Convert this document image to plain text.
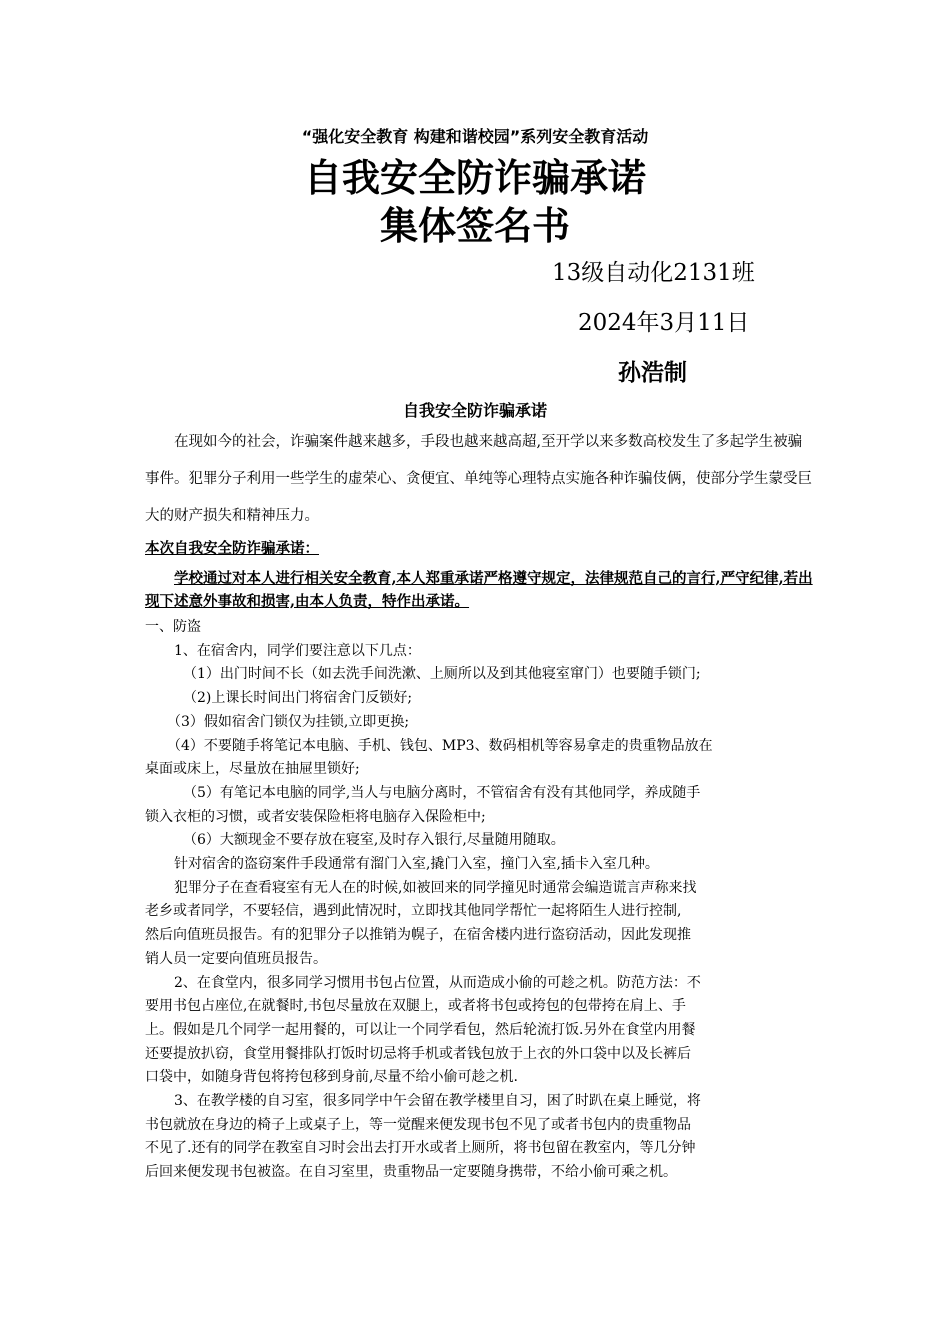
“强化安全教育 构建和谐校园”系列安全教育活动
自我安全防诈骗承诺
集体签名书
13级自动化2131班
2024年3月11日
孙浩制
自我安全防诈骗承诺

在现如今的社会，诈骗案件越来越多，手段也越来越高超,至开学以来多数高校发生了多起学生被骗事件。犯罪分子利用一些学生的虚荣心、贪便宜、单纯等心理特点实施各种诈骗伎俩，使部分学生蒙受巨大的财产损失和精神压力。

本次自我安全防诈骗承诺：

学校通过对本人进行相关安全教育,本人郑重承诺严格遵守规定，法律规范自己的言行,严守纪律,若出现下述意外事故和损害,由本人负责，特作出承诺。

一、防盗

1、在宿舍内，同学们要注意以下几点：

（1）出门时间不长（如去洗手间洗漱、上厕所以及到其他寝室窜门）也要随手锁门;

（2)上课长时间出门将宿舍门反锁好;

（3）假如宿舍门锁仅为挂锁,立即更换;

（4）不要随手将笔记本电脑、手机、钱包、MP3、数码相机等容易拿走的贵重物品放在

桌面或床上，尽量放在抽屉里锁好;

（5）有笔记本电脑的同学,当人与电脑分离时，不管宿舍有没有其他同学，养成随手

锁入衣柜的习惯，或者安装保险柜将电脑存入保险柜中;

（6）大额现金不要存放在寝室,及时存入银行,尽量随用随取。

针对宿舍的盗窃案件手段通常有溜门入室,撬门入室，撞门入室,插卡入室几种。

犯罪分子在查看寝室有无人在的时候,如被回来的同学撞见时通常会编造谎言声称来找

老乡或者同学，不要轻信，遇到此情况时，立即找其他同学帮忙一起将陌生人进行控制,

然后向值班员报告。有的犯罪分子以推销为幌子，在宿舍楼内进行盗窃活动，因此发现推

销人员一定要向值班员报告。

2、在食堂内，很多同学习惯用书包占位置，从而造成小偷的可趁之机。防范方法：不

要用书包占座位,在就餐时,书包尽量放在双腿上，或者将书包或挎包的包带挎在肩上、手

上。假如是几个同学一起用餐的，可以让一个同学看包，然后轮流打饭.另外在食堂内用餐

还要提放扒窃，食堂用餐排队打饭时切忌将手机或者钱包放于上衣的外口袋中以及长裤后

口袋中，如随身背包将挎包移到身前,尽量不给小偷可趁之机.

3、在教学楼的自习室，很多同学中午会留在教学楼里自习，困了时趴在桌上睡觉，将

书包就放在身边的椅子上或桌子上，等一觉醒来便发现书包不见了或者书包内的贵重物品

不见了.还有的同学在教室自习时会出去打开水或者上厕所，将书包留在教室内，等几分钟

后回来便发现书包被盗。在自习室里，贵重物品一定要随身携带，不给小偷可乘之机。
